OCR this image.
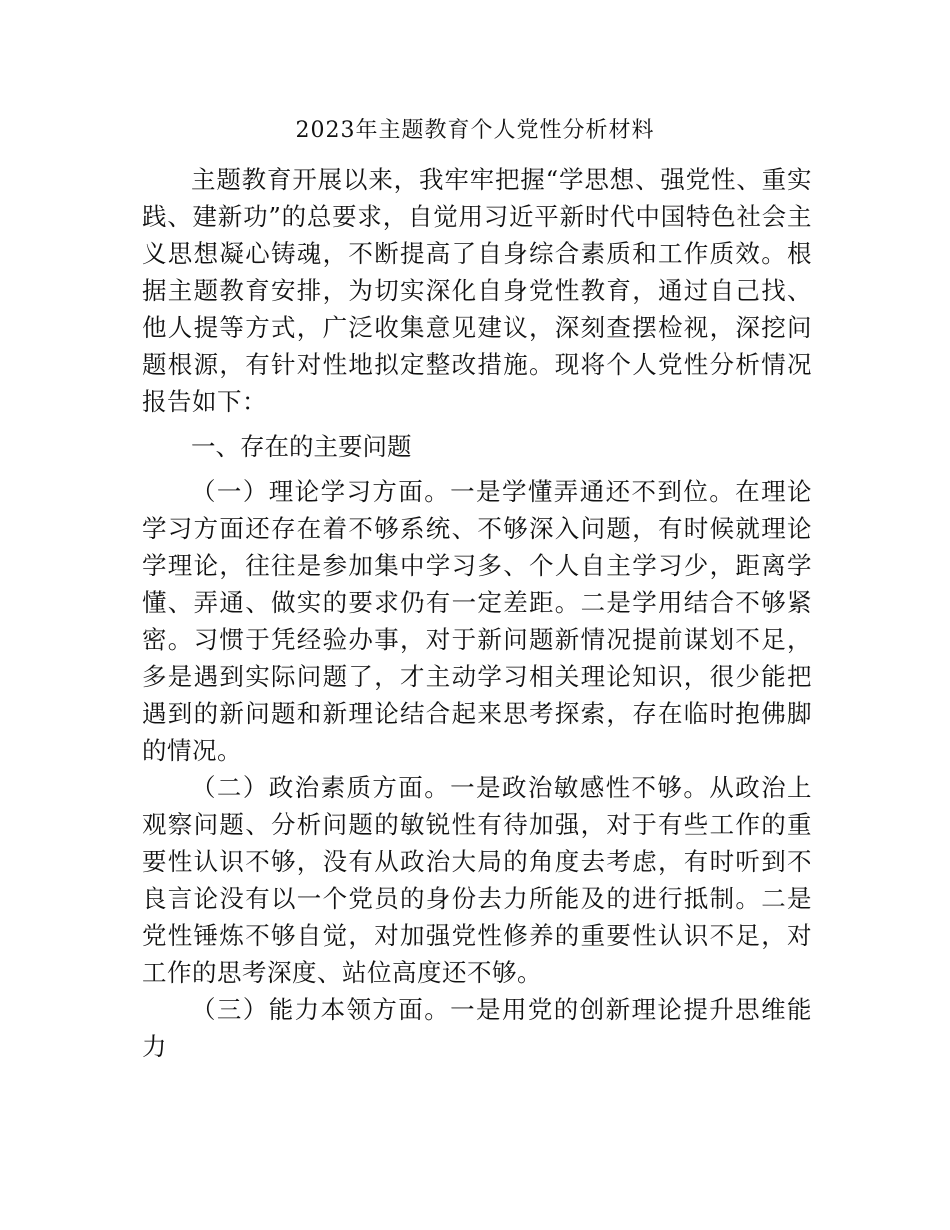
2023年主题教育个人党性分析材料

主题教育开展以来，我牢牢把握“学思想、强党性、重实践、建新功”的总要求，自觉用习近平新时代中国特色社会主义思想凝心铸魂，不断提高了自身综合素质和工作质效。根据主题教育安排，为切实深化自身党性教育，通过自己找、他人提等方式，广泛收集意见建议，深刻查摆检视，深挖问题根源，有针对性地拟定整改措施。现将个人党性分析情况报告如下：

一、存在的主要问题

（一）理论学习方面。一是学懂弄通还不到位。在理论学习方面还存在着不够系统、不够深入问题，有时候就理论学理论，往往是参加集中学习多、个人自主学习少，距离学懂、弄通、做实的要求仍有一定差距。二是学用结合不够紧密。习惯于凭经验办事，对于新问题新情况提前谋划不足，多是遇到实际问题了，才主动学习相关理论知识，很少能把遇到的新问题和新理论结合起来思考探索，存在临时抱佛脚的情况。

（二）政治素质方面。一是政治敏感性不够。从政治上观察问题、分析问题的敏锐性有待加强，对于有些工作的重要性认识不够，没有从政治大局的角度去考虑，有时听到不良言论没有以一个党员的身份去力所能及的进行抵制。二是党性锤炼不够自觉，对加强党性修养的重要性认识不足，对工作的思考深度、站位高度还不够。

（三）能力本领方面。一是用党的创新理论提升思维能力
